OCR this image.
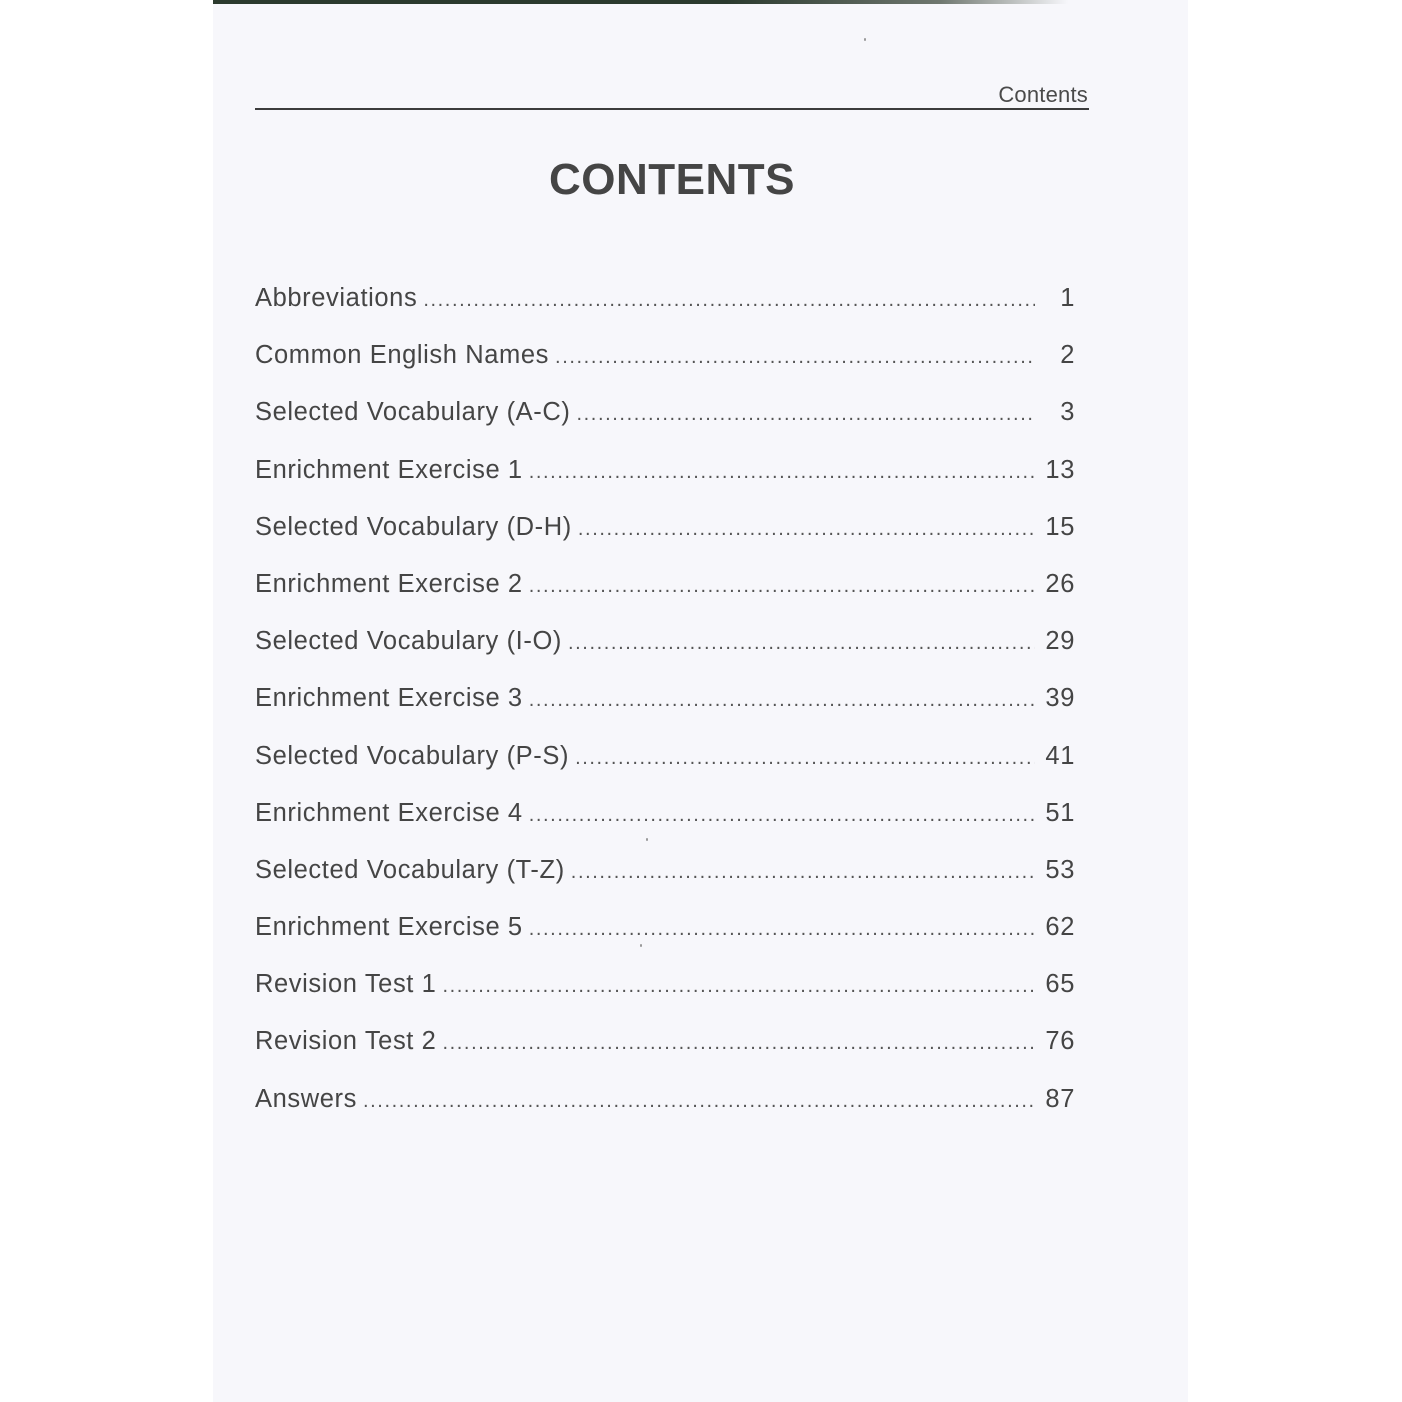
Contents
CONTENTS
Abbreviations .....	1
Common English Names .....	2
Selected Vocabulary (A-C) .....	3
Enrichment Exercise 1 .....	13
Selected Vocabulary (D-H) .....	15
Enrichment Exercise 2 .....	26
Selected Vocabulary (I-O) .....	29
Enrichment Exercise 3 .....	39
Selected Vocabulary (P-S) .....	41
Enrichment Exercise 4 .....	51
Selected Vocabulary (T-Z) .....	53
Enrichment Exercise 5 .....	62
Revision Test 1 .....	65
Revision Test 2 .....	76
Answers .....	87
